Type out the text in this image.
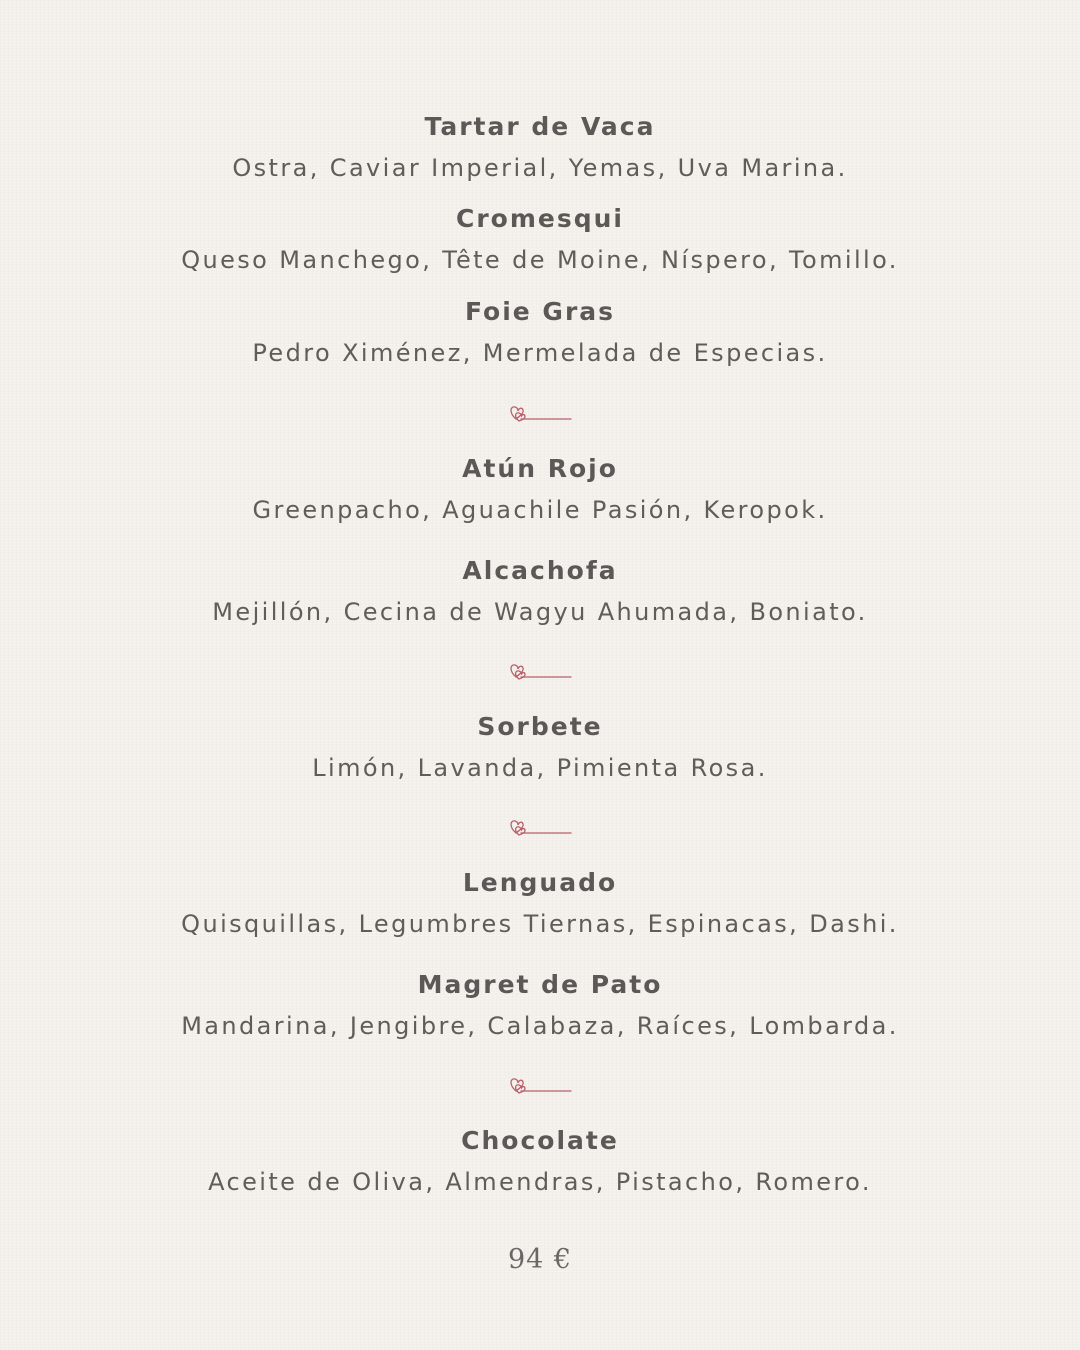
Tartar de Vaca
Ostra, Caviar Imperial, Yemas, Uva Marina.
Cromesqui
Queso Manchego, Tête de Moine, Níspero, Tomillo.
Foie Gras
Pedro Ximénez, Mermelada de Especias.
Atún Rojo
Greenpacho, Aguachile Pasión, Keropok.
Alcachofa
Mejillón, Cecina de Wagyu Ahumada, Boniato.
Sorbete
Limón, Lavanda, Pimienta Rosa.
Lenguado
Quisquillas, Legumbres Tiernas, Espinacas, Dashi.
Magret de Pato
Mandarina, Jengibre, Calabaza, Raíces, Lombarda.
Chocolate
Aceite de Oliva, Almendras, Pistacho, Romero.
94 €
